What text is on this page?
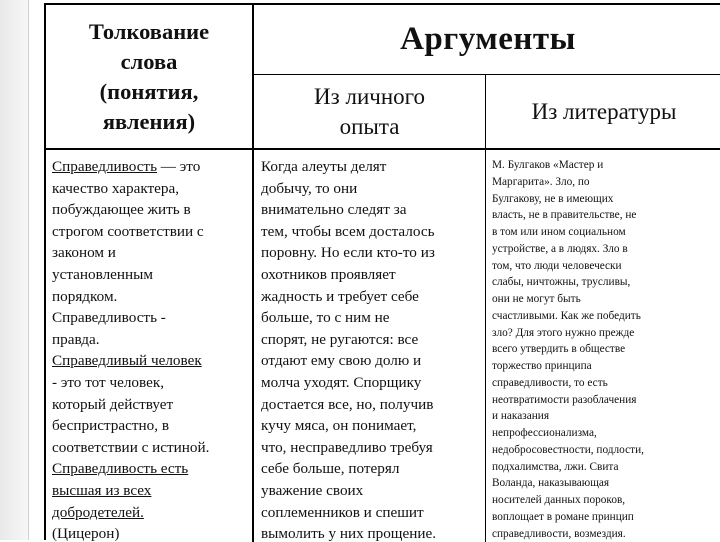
Толкование
слова
(понятия,
явления)
Аргументы
Из личного
опыта
Из литературы
Справедливость — это
качество характера,
побуждающее жить в
строгом соответствии с
законом и
установленным
порядком.
Справедливость -
правда.
Справедливый человек
- это тот человек,
который действует
беспристрастно, в
соответствии с истиной.
Справедливость есть
высшая из всех
добродетелей.
(Цицерон)
Когда алеуты делят
добычу, то они
внимательно следят за
тем, чтобы всем досталось
поровну. Но если кто-то из
охотников проявляет
жадность и требует себе
больше, то с ним не
спорят, не ругаются: все
отдают ему свою долю и
молча уходят. Спорщику
достается все, но, получив
кучу мяса, он понимает,
что, несправедливо требуя
себе больше, потерял
уважение своих
соплеменников и спешит
вымолить у них прощение.
М. Булгаков «Мастер и
Маргарита». Зло, по
Булгакову, не в имеющих
власть, не в правительстве, не
в том или ином социальном
устройстве, а в людях. Зло в
том, что люди человечески
слабы, ничтожны, трусливы,
они не могут быть
счастливыми. Как же победить
зло? Для этого нужно прежде
всего утвердить в обществе
торжество принципа
справедливости, то есть
неотвратимости разоблачения
и наказания
непрофессионализма,
недобросовестности, подлости,
подхалимства, лжи. Свита
Воланда, наказывающая
носителей данных пороков,
воплощает в романе принцип
справедливости, возмездия.
